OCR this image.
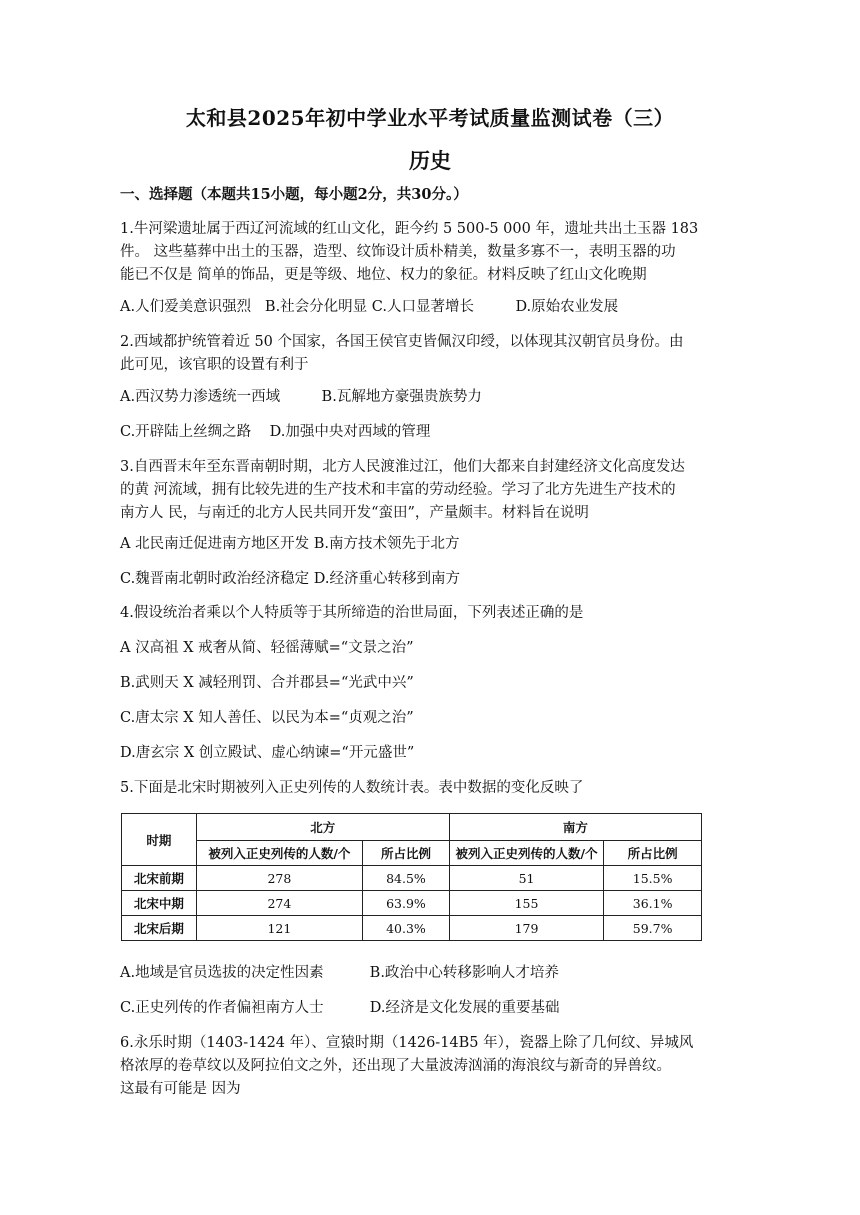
太和县2025年初中学业水平考试质量监测试卷（三）
历史
一、选择题（本题共15小题，每小题2分，共30分。）
1.牛河梁遗址属于西辽河流域的红山文化，距今约 5 500-5 000 年，遗址共出土玉器 183
件。 这些墓葬中出土的玉器，造型、纹饰设计质朴精美，数量多寡不一，表明玉器的功
能已不仅是 简单的饰品，更是等级、地位、权力的象征。材料反映了红山文化晚期
A.人们爱美意识强烈   B.社会分化明显 C.人口显著增长         D.原始农业发展
2.西域都护统管着近 50 个国家，各国王侯官吏皆佩汉印绶，以体现其汉朝官员身份。由
此可见，该官职的设置有利于
A.西汉势力渗透统一西域         B.瓦解地方豪强贵族势力
C.开辟陆上丝绸之路    D.加强中央对西域的管理
3.自西晋末年至东晋南朝时期，北方人民渡淮过江，他们大都来自封建经济文化高度发达
的黄 河流域，拥有比较先进的生产技术和丰富的劳动经验。学习了北方先进生产技术的
南方人 民，与南迁的北方人民共同开发“蛮田”，产量颇丰。材料旨在说明
A 北民南迁促进南方地区开发 B.南方技术领先于北方
C.魏晋南北朝时政治经济稳定 D.经济重心转移到南方
4.假设统治者乘以个人特质等于其所缔造的治世局面，下列表述正确的是
A 汉高祖 X 戒奢从简、轻徭薄赋=“文景之治”
B.武则天 X 减轻刑罚、合并郡县=“光武中兴”
C.唐太宗 X 知人善任、以民为本=“贞观之治”
D.唐玄宗 X 创立殿试、虚心纳谏=“开元盛世”
5.下面是北宋时期被列入正史列传的人数统计表。表中数据的变化反映了
时期	北方		南方	
	被列入正史列传的人数/个	所占比例	被列入正史列传的人数/个	所占比例
北宋前期	278	84.5%	51	15.5%
北宋中期	274	63.9%	155	36.1%
北宋后期	121	40.3%	179	59.7%
A.地域是官员选拔的决定性因素          B.政治中心转移影响人才培养
C.正史列传的作者偏袒南方人士          D.经济是文化发展的重要基础
6.永乐时期（1403-1424 年）、宣猿时期（1426-14B5 年），瓷器上除了几何纹、异城风
格浓厚的卷草纹以及阿拉伯文之外，还出现了大量波涛汹涌的海浪纹与新奇的异兽纹。
这最有可能是 因为
